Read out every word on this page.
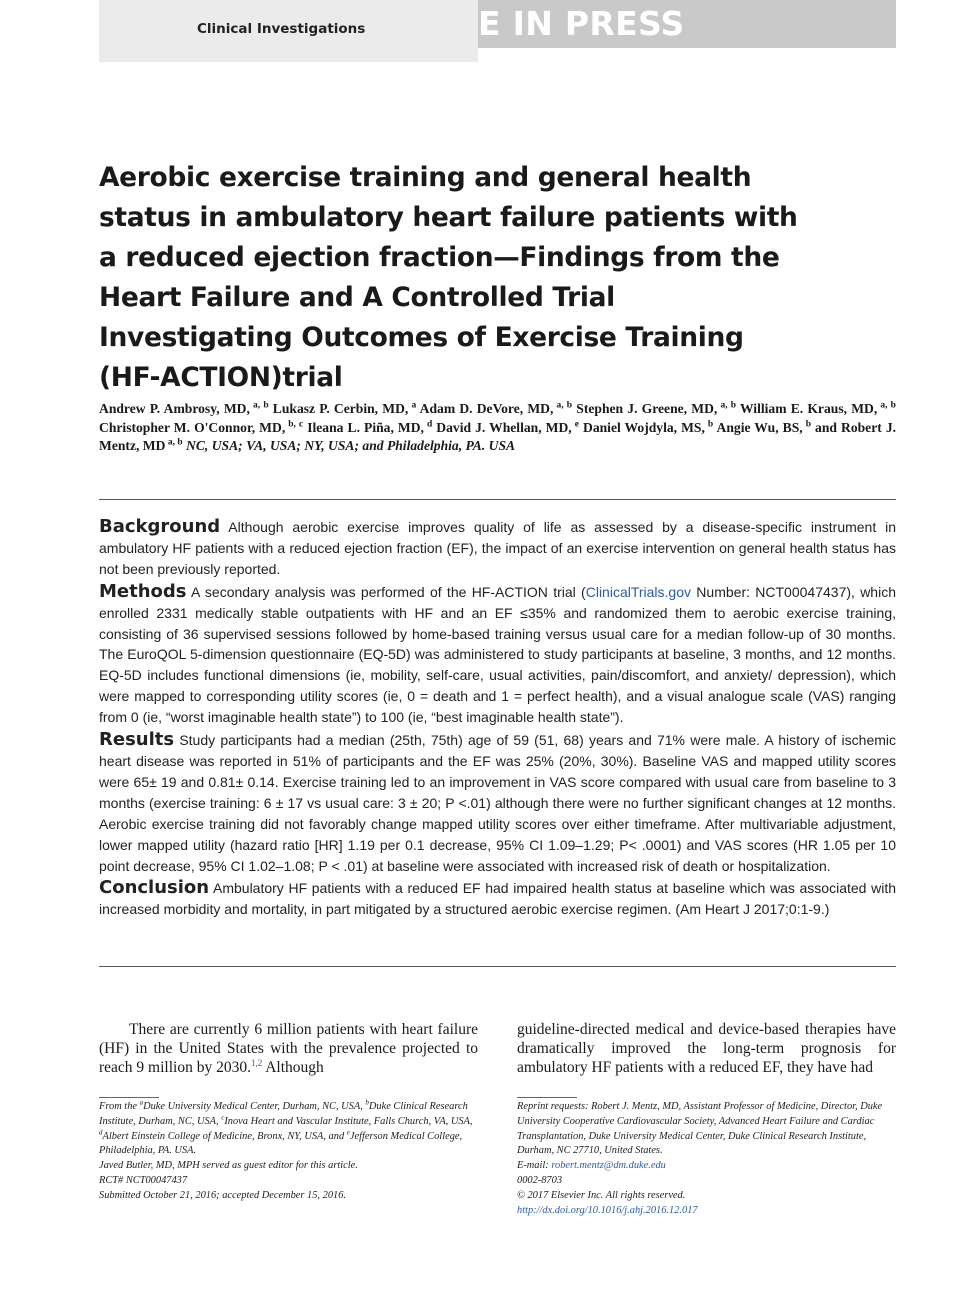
Clinical Investigations	E IN PRESS
Aerobic exercise training and general health status in ambulatory heart failure patients with a reduced ejection fraction—Findings from the Heart Failure and A Controlled Trial Investigating Outcomes of Exercise Training (HF-ACTION)trial

Andrew P. Ambrosy, MD, $^{a, b}$ Lukasz P. Cerbin, MD, $^a$ Adam D. DeVore, MD, $^{a, b}$ Stephen J. Greene, MD, $^{a, b}$ William E. Kraus, MD, $^{a, b}$ Christopher M. O'Connor, MD, $^{b, c}$ Ileana L. Piña, MD, $^d$ David J. Whellan, MD, $^e$ Daniel Wojdyla, MS, $^b$ Angie Wu, BS, $^b$ and Robert J. Mentz, MD $^{a, b}$ NC, USA; VA, USA; NY, USA; and Philadelphia, PA. USA

Background Although aerobic exercise improves quality of life as assessed by a disease-specific instrument in ambulatory HF patients with a reduced ejection fraction (EF), the impact of an exercise intervention on general health status has not been previously reported.

Methods A secondary analysis was performed of the HF-ACTION trial (ClinicalTrials.gov Number: NCT00047437), which enrolled 2331 medically stable outpatients with HF and an EF ≤35% and randomized them to aerobic exercise training, consisting of 36 supervised sessions followed by home-based training versus usual care for a median follow-up of 30 months. The EuroQOL 5-dimension questionnaire (EQ-5D) was administered to study participants at baseline, 3 months, and 12 months. EQ-5D includes functional dimensions (ie, mobility, self-care, usual activities, pain/discomfort, and anxiety/ depression), which were mapped to corresponding utility scores (ie, 0 = death and 1 = perfect health), and a visual analogue scale (VAS) ranging from 0 (ie, “worst imaginable health state”) to 100 (ie, “best imaginable health state”).

Results Study participants had a median (25th, 75th) age of 59 (51, 68) years and 71% were male. A history of ischemic heart disease was reported in 51% of participants and the EF was 25% (20%, 30%). Baseline VAS and mapped utility scores were 65± 19 and 0.81± 0.14. Exercise training led to an improvement in VAS score compared with usual care from baseline to 3 months (exercise training: 6 ± 17 vs usual care: 3 ± 20; P <.01) although there were no further significant changes at 12 months. Aerobic exercise training did not favorably change mapped utility scores over either timeframe. After multivariable adjustment, lower mapped utility (hazard ratio [HR] 1.19 per 0.1 decrease, 95% CI 1.09–1.29; P< .0001) and VAS scores (HR 1.05 per 10 point decrease, 95% CI 1.02–1.08; P < .01) at baseline were associated with increased risk of death or hospitalization.

Conclusion Ambulatory HF patients with a reduced EF had impaired health status at baseline which was associated with increased morbidity and mortality, in part mitigated by a structured aerobic exercise regimen. (Am Heart J 2017;0:1-9.)

There are currently 6 million patients with heart failure (HF) in the United States with the prevalence projected to reach 9 million by 2030.$^{1,2}$ Although

guideline-directed medical and device-based therapies have dramatically improved the long-term prognosis for ambulatory HF patients with a reduced EF, they have had

From the $^a$Duke University Medical Center, Durham, NC, USA, $^b$Duke Clinical Research Institute, Durham, NC, USA, $^c$Inova Heart and Vascular Institute, Falls Church, VA, USA, $^d$Albert Einstein College of Medicine, Bronx, NY, USA, and $^e$Jefferson Medical College, Philadelphia, PA. USA.

Javed Butler, MD, MPH served as guest editor for this article.

RCT# NCT00047437

Submitted October 21, 2016; accepted December 15, 2016.

Reprint requests: Robert J. Mentz, MD, Assistant Professor of Medicine, Director, Duke University Cooperative Cardiovascular Society, Advanced Heart Failure and Cardiac Transplantation, Duke University Medical Center, Duke Clinical Research Institute, Durham, NC 27710, United States.

E-mail: robert.mentz@dm.duke.edu

0002-8703

© 2017 Elsevier Inc. All rights reserved.

http://dx.doi.org/10.1016/j.ahj.2016.12.017
